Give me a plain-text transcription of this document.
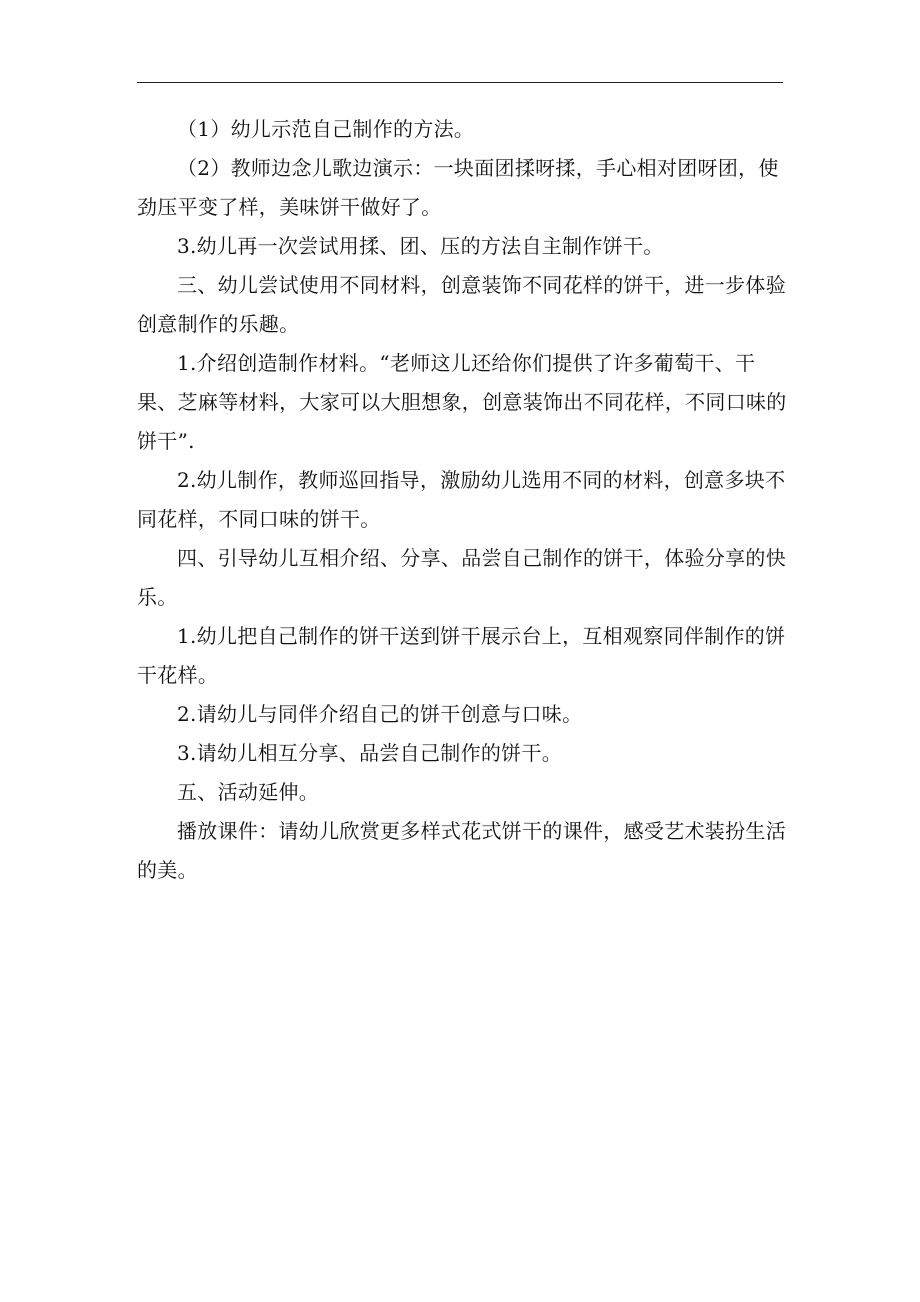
（1）幼儿示范自己制作的方法。

（2）教师边念儿歌边演示：一块面团揉呀揉，手心相对团呀团，使劲压平变了样，美味饼干做好了。

3.幼儿再一次尝试用揉、团、压的方法自主制作饼干。

三、幼儿尝试使用不同材料，创意装饰不同花样的饼干，进一步体验创意制作的乐趣。

1.介绍创造制作材料。“老师这儿还给你们提供了许多葡萄干、干果、芝麻等材料，大家可以大胆想象，创意装饰出不同花样，不同口味的饼干”.

2.幼儿制作，教师巡回指导，激励幼儿选用不同的材料，创意多块不同花样，不同口味的饼干。

四、引导幼儿互相介绍、分享、品尝自己制作的饼干，体验分享的快乐。

1.幼儿把自己制作的饼干送到饼干展示台上，互相观察同伴制作的饼干花样。

2.请幼儿与同伴介绍自己的饼干创意与口味。

3.请幼儿相互分享、品尝自己制作的饼干。

五、活动延伸。

播放课件：请幼儿欣赏更多样式花式饼干的课件，感受艺术装扮生活的美。
